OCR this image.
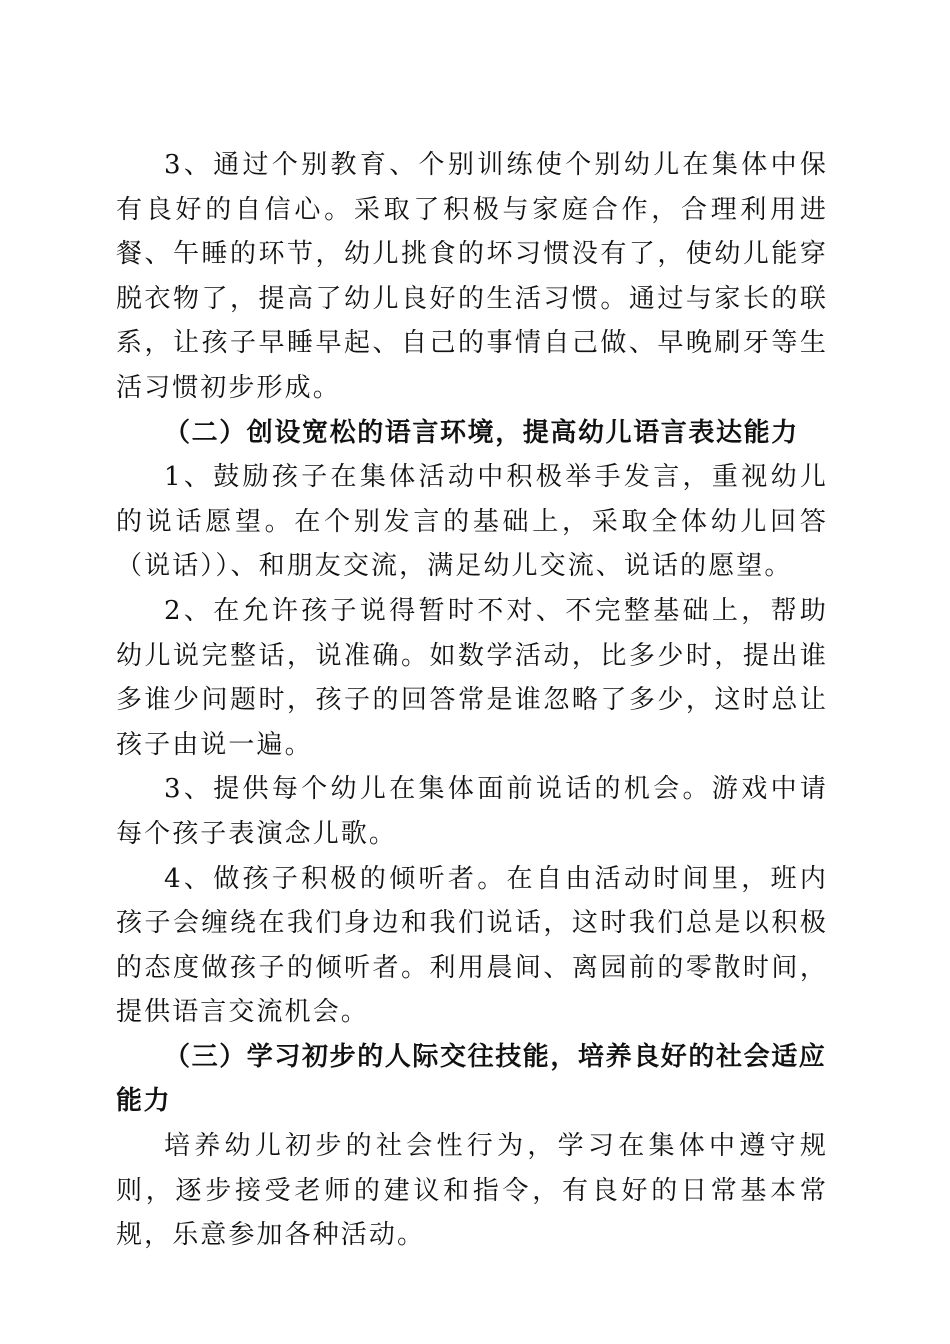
3、通过个别教育、个别训练使个别幼儿在集体中保有良好的自信心。采取了积极与家庭合作，合理利用进餐、午睡的环节，幼儿挑食的坏习惯没有了，使幼儿能穿脱衣物了，提高了幼儿良好的生活习惯。通过与家长的联系，让孩子早睡早起、自己的事情自己做、早晚刷牙等生活习惯初步形成。

（二）创设宽松的语言环境，提高幼儿语言表达能力

1、鼓励孩子在集体活动中积极举手发言，重视幼儿的说话愿望。在个别发言的基础上，采取全体幼儿回答（说话））、和朋友交流，满足幼儿交流、说话的愿望。

2、在允许孩子说得暂时不对、不完整基础上，帮助幼儿说完整话，说准确。如数学活动，比多少时，提出谁多谁少问题时，孩子的回答常是谁忽略了多少，这时总让孩子由说一遍。

3、提供每个幼儿在集体面前说话的机会。游戏中请每个孩子表演念儿歌。

4、做孩子积极的倾听者。在自由活动时间里，班内孩子会缠绕在我们身边和我们说话，这时我们总是以积极的态度做孩子的倾听者。利用晨间、离园前的零散时间，提供语言交流机会。

（三）学习初步的人际交往技能，培养良好的社会适应能力

培养幼儿初步的社会性行为，学习在集体中遵守规则，逐步接受老师的建议和指令，有良好的日常基本常规，乐意参加各种活动。
